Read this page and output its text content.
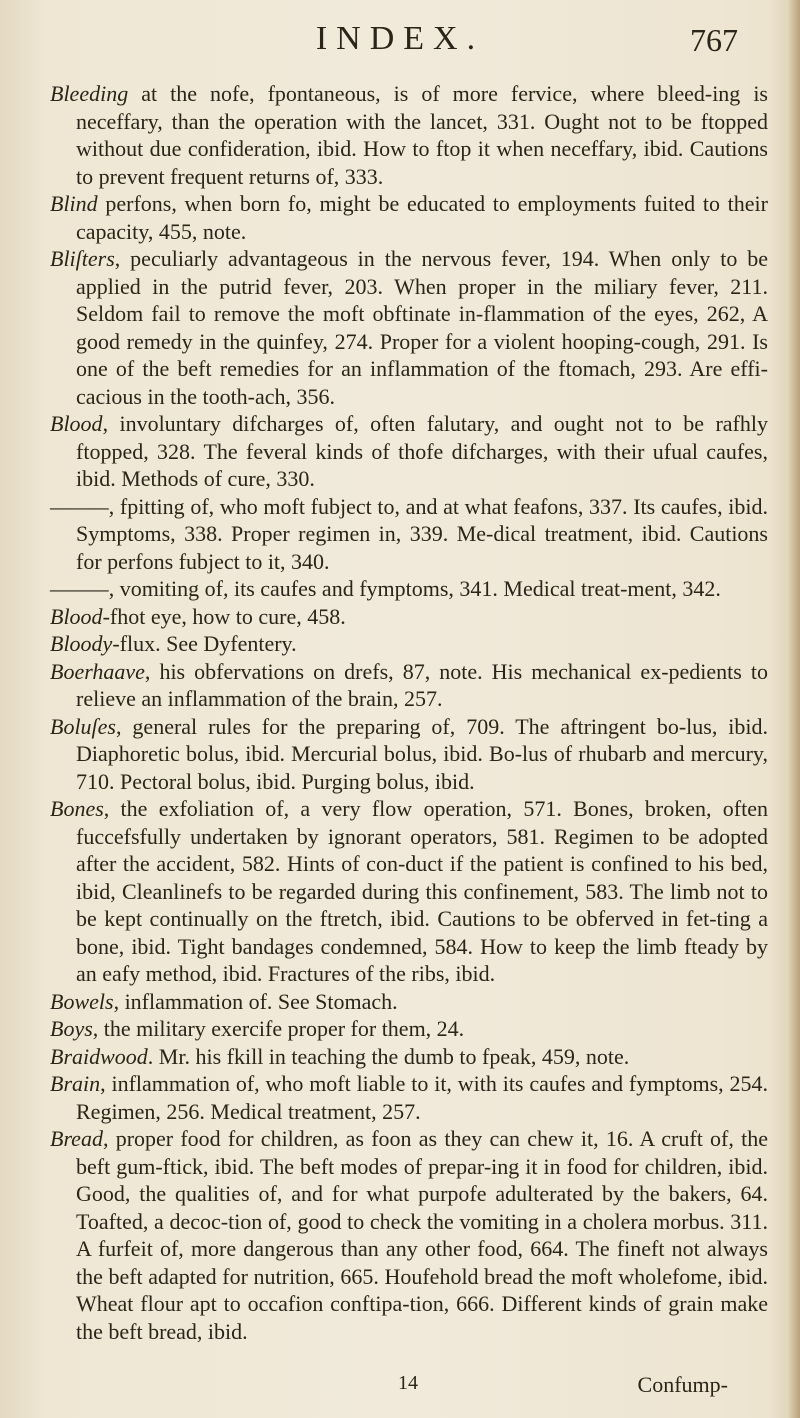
INDEX.	767

Bleeding at the nofe, fpontaneous, is of more fervice, where bleed-ing is neceffary, than the operation with the lancet, 331. Ought not to be ftopped without due confideration, ibid. How to ftop it when neceffary, ibid. Cautions to prevent frequent returns of, 333.

Blind perfons, when born fo, might be educated to employments fuited to their capacity, 455, note.

Bliſters, peculiarly advantageous in the nervous fever, 194. When only to be applied in the putrid fever, 203. When proper in the miliary fever, 211. Seldom fail to remove the moft obftinate in-flammation of the eyes, 262, A good remedy in the quinfey, 274. Proper for a violent hooping-cough, 291. Is one of the beft remedies for an inflammation of the ftomach, 293. Are effi-cacious in the tooth-ach, 356.

Blood, involuntary difcharges of, often falutary, and ought not to be rafhly ftopped, 328. The feveral kinds of thofe difcharges, with their ufual caufes, ibid. Methods of cure, 330.

———, fpitting of, who moft fubject to, and at what feafons, 337. Its caufes, ibid. Symptoms, 338. Proper regimen in, 339. Me-dical treatment, ibid. Cautions for perfons fubject to it, 340.

———, vomiting of, its caufes and fymptoms, 341. Medical treat-ment, 342.

Blood-fhot eye, how to cure, 458.

Bloody-flux. See Dyfentery.

Boerhaave, his obfervations on drefs, 87, note. His mechanical ex-pedients to relieve an inflammation of the brain, 257.

Boluſes, general rules for the preparing of, 709. The aftringent bo-lus, ibid. Diaphoretic bolus, ibid. Mercurial bolus, ibid. Bo-lus of rhubarb and mercury, 710. Pectoral bolus, ibid. Purging bolus, ibid.

Bones, the exfoliation of, a very flow operation, 571. Bones, broken, often fuccefsfully undertaken by ignorant operators, 581. Regimen to be adopted after the accident, 582. Hints of con-duct if the patient is confined to his bed, ibid, Cleanlinefs to be regarded during this confinement, 583. The limb not to be kept continually on the ftretch, ibid. Cautions to be obferved in fet-ting a bone, ibid. Tight bandages condemned, 584. How to keep the limb fteady by an eafy method, ibid. Fractures of the ribs, ibid.

Bowels, inflammation of. See Stomach.

Boys, the military exercife proper for them, 24.

Braidwood. Mr. his fkill in teaching the dumb to fpeak, 459, note.

Brain, inflammation of, who moft liable to it, with its caufes and fymptoms, 254. Regimen, 256. Medical treatment, 257.

Bread, proper food for children, as foon as they can chew it, 16. A cruft of, the beft gum-ftick, ibid. The beft modes of prepar-ing it in food for children, ibid. Good, the qualities of, and for what purpofe adulterated by the bakers, 64. Toafted, a decoc-tion of, good to check the vomiting in a cholera morbus. 311. A furfeit of, more dangerous than any other food, 664. The fineft not always the beft adapted for nutrition, 665. Houfehold bread the moft wholefome, ibid. Wheat flour apt to occafion conftipa-tion, 666. Different kinds of grain make the beft bread, ibid.

14	Confump-
